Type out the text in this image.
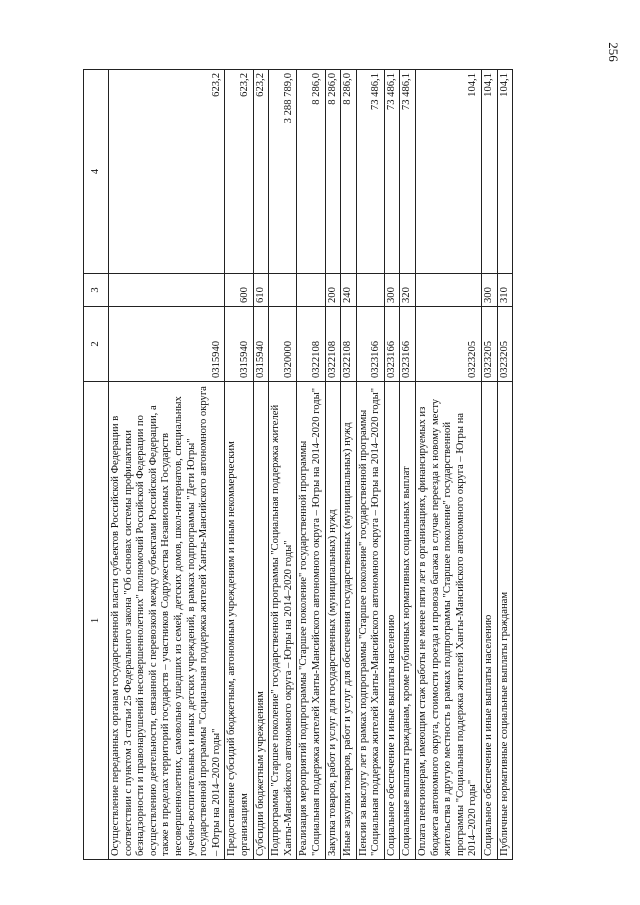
256
1	2	3	4
Осуществление переданных органам государственной власти субъектов Российской Федерации в соответствии с пунктом 3 статьи 25 Федерального закона "Об основах системы профилактики безнадзорности и правонарушений несовершеннолетних" полномочий Российской Федерации по осуществлению деятельности, связанной с перевозкой между субъектами Российской Федерации, а также в пределах территорий государств – участников Содружества Независимых Государств несовершеннолетних, самовольно ушедших из семей, детских домов, школ-интернатов, специальных учебно-воспитательных и иных детских учреждений, в рамках подпрограммы "Дети Югры" государственной программы "Социальная поддержка жителей Ханты-Мансийского автономного округа – Югры на 2014–2020 годы"	0315940		623,2
Предоставление субсидий бюджетным, автономным учреждениям и иным некоммерческим организациям	0315940	600	623,2
Субсидии бюджетным учреждениям	0315940	610	623,2
Подпрограмма "Старшее поколение" государственной программы "Социальная поддержка жителей Ханты-Мансийского автономного округа – Югры на 2014–2020 годы"	0320000		3 288 789,0
Реализация мероприятий подпрограммы "Старшее поколение" государственной программы "Социальная поддержка жителей Ханты-Мансийского автономного округа – Югры на 2014–2020 годы"	0322108		8 286,0
Закупка товаров, работ и услуг для государственных (муниципальных) нужд	0322108	200	8 286,0
Иные закупки товаров, работ и услуг для обеспечения государственных (муниципальных) нужд	0322108	240	8 286,0
Пенсии за выслугу лет в рамках подпрограммы "Старшее поколение" государственной программы "Социальная поддержка жителей Ханты-Мансийского автономного округа – Югры на 2014–2020 годы"	0323166		73 486,1
Социальное обеспечение и иные выплаты населению	0323166	300	73 486,1
Социальные выплаты гражданам, кроме публичных нормативных социальных выплат	0323166	320	73 486,1
Оплата пенсионерам, имеющим стаж работы не менее пяти лет в организациях, финансируемых из бюджета автономного округа, стоимости проезда и провоза багажа в случае переезда к новому месту жительства в другую местность в рамках подпрограммы "Старшее поколение" государственной программы "Социальная поддержка жителей Ханты-Мансийского автономного округа – Югры на 2014–2020 годы"	0323205		104,1
Социальное обеспечение и иные выплаты населению	0323205	300	104,1
Публичные нормативные социальные выплаты гражданам	0323205	310	104,1
